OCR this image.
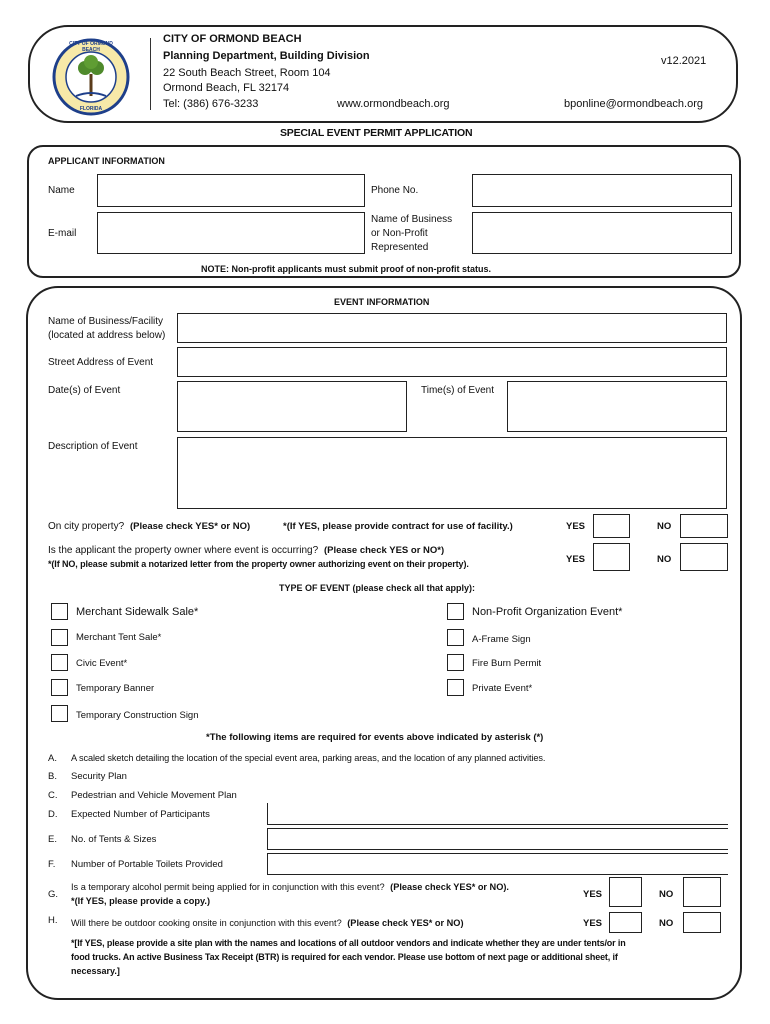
CITY OF ORMOND BEACH
FLORIDA
CITY OF ORMOND BEACH
Planning Department, Building Division
22 South Beach Street, Room 104
Ormond Beach, FL 32174
Tel: (386) 676-3233	www.ormondbeach.org	bponline@ormondbeach.org
v12.2021
SPECIAL EVENT PERMIT APPLICATION
APPLICANT INFORMATION
Name	Phone No.
E-mail
Name of Business
or Non-Profit
Represented
NOTE: Non-profit applicants must submit proof of non-profit status.
EVENT INFORMATION
Name of Business/Facility
(located at address below)
Street Address of Event
Date(s) of Event	Time(s) of Event
Description of Event
On city property? (Please check YES* or NO)	*(If YES, please provide contract for use of facility.)	YES	NO
Is the applicant the property owner where event is occurring? (Please check YES or NO*)
*(If NO, please submit a notarized letter from the property owner authorizing event on their property).	YES	NO
TYPE OF EVENT (please check all that apply):
Merchant Sidewalk Sale*
Merchant Tent Sale*
Civic Event*
Temporary Banner
Temporary Construction Sign
Non-Profit Organization Event*
A-Frame Sign
Fire Burn Permit
Private Event*
*The following items are required for events above indicated by asterisk (*)
A. A scaled sketch detailing the location of the special event area, parking areas, and the location of any planned activities.
B. Security Plan
C. Pedestrian and Vehicle Movement Plan
D. Expected Number of Participants
E. No. of Tents & Sizes
F. Number of Portable Toilets Provided
G.
Is a temporary alcohol permit being applied for in conjunction with this event? (Please check YES* or NO).
*(If YES, please provide a copy.)
YES	NO
H. Will there be outdoor cooking onsite in conjunction with this event? (Please check YES* or NO)	YES	NO
*[If YES, please provide a site plan with the names and locations of all outdoor vendors and indicate whether they are under tents/or in
food trucks. An active Business Tax Receipt (BTR) is required for each vendor. Please use bottom of next page or additional sheet, if
necessary.]
